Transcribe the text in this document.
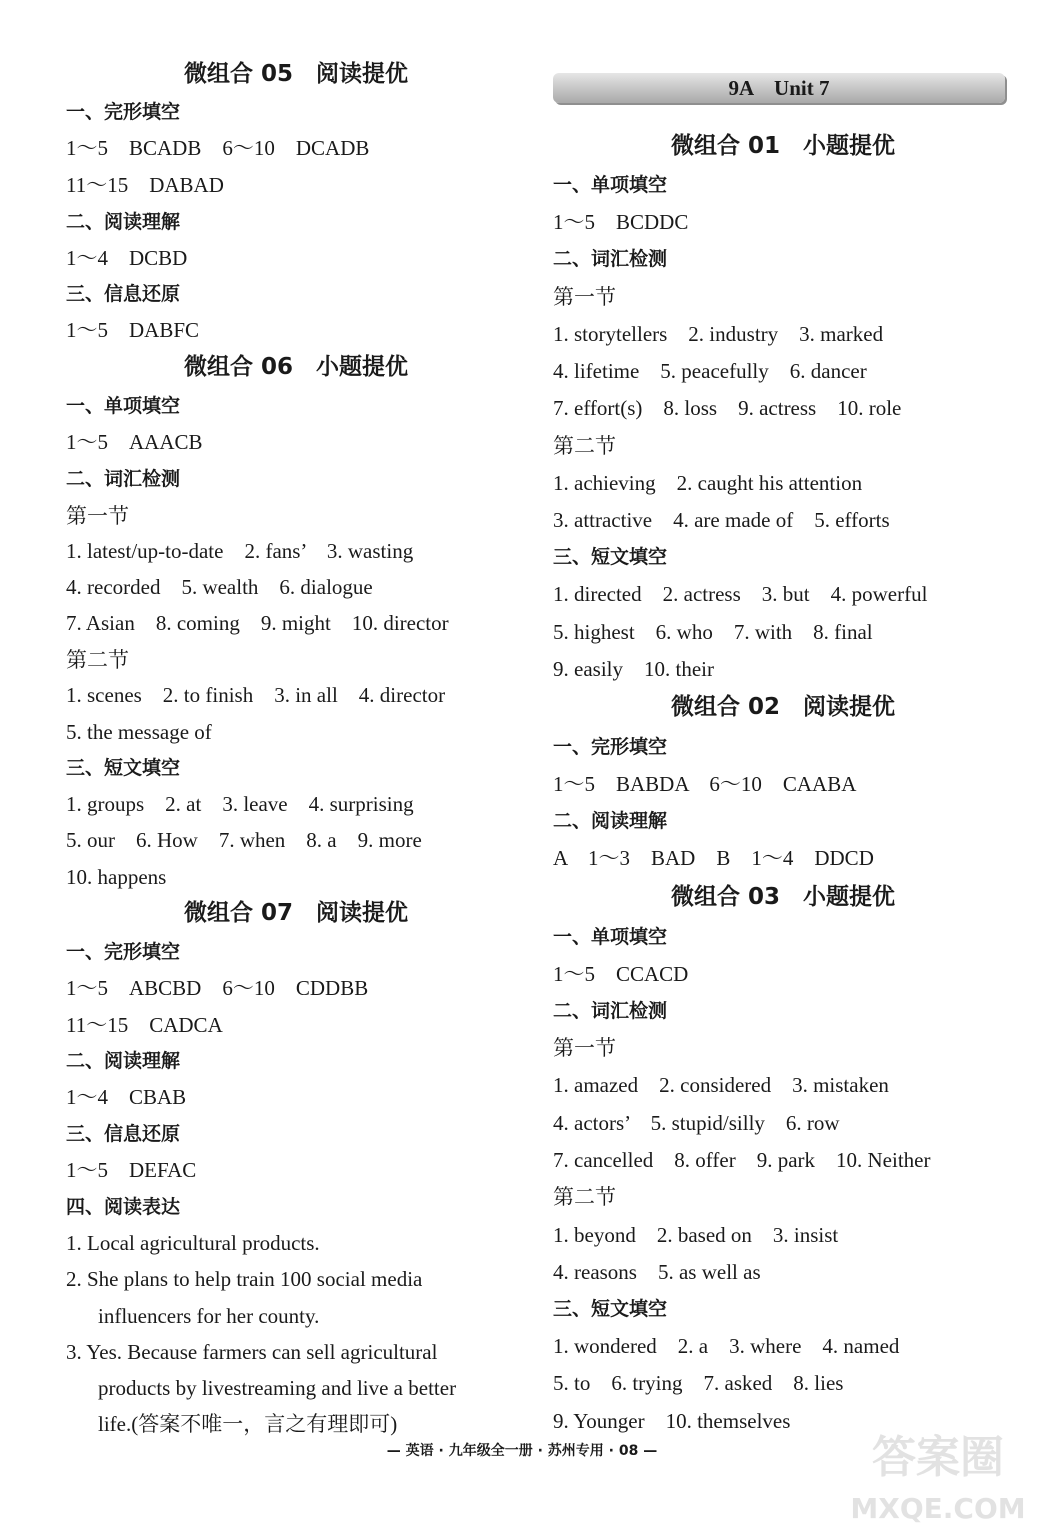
微组合 05　阅读提优
一、完形填空
1～5　BCADB　6～10　DCADB
11～15　DABAD
二、阅读理解
1～4　DCBD
三、信息还原
1～5　DABFC
微组合 06　小题提优
一、单项填空
1～5　AAACB
二、词汇检测
第一节
1. latest/up-to-date　2. fans’　3. wasting
4. recorded　5. wealth　6. dialogue
7. Asian　8. coming　9. might　10. director
第二节
1. scenes　2. to finish　3. in all　4. director
5. the message of
三、短文填空
1. groups　2. at　3. leave　4. surprising
5. our　6. How　7. when　8. a　9. more
10. happens
微组合 07　阅读提优
一、完形填空
1～5　ABCBD　6～10　CDDBB
11～15　CADCA
二、阅读理解
1～4　CBAB
三、信息还原
1～5　DEFAC
四、阅读表达
1. Local agricultural products.
2. She plans to help train 100 social media
influencers for her county.
3. Yes. Because farmers can sell agricultural
products by livestreaming and live a better
life.(答案不唯一，言之有理即可)
9A　Unit 7
微组合 01　小题提优
一、单项填空
1～5　BCDDC
二、词汇检测
第一节
1. storytellers　2. industry　3. marked
4. lifetime　5. peacefully　6. dancer
7. effort(s)　8. loss　9. actress　10. role
第二节
1. achieving　2. caught his attention
3. attractive　4. are made of　5. efforts
三、短文填空
1. directed　2. actress　3. but　4. powerful
5. highest　6. who　7. with　8. final
9. easily　10. their
微组合 02　阅读提优
一、完形填空
1～5　BABDA　6～10　CAABA
二、阅读理解
A　1～3　BAD　B　1～4　DDCD
微组合 03　小题提优
一、单项填空
1～5　CCACD
二、词汇检测
第一节
1. amazed　2. considered　3. mistaken
4. actors’　5. stupid/silly　6. row
7. cancelled　8. offer　9. park　10. Neither
第二节
1. beyond　2. based on　3. insist
4. reasons　5. as well as
三、短文填空
1. wondered　2. a　3. where　4. named
5. to　6. trying　7. asked　8. lies
9. Younger　10. themselves
— 英语 · 九年级全一册 · 苏州专用 · 08 —	答案圈
MXQE.COM
